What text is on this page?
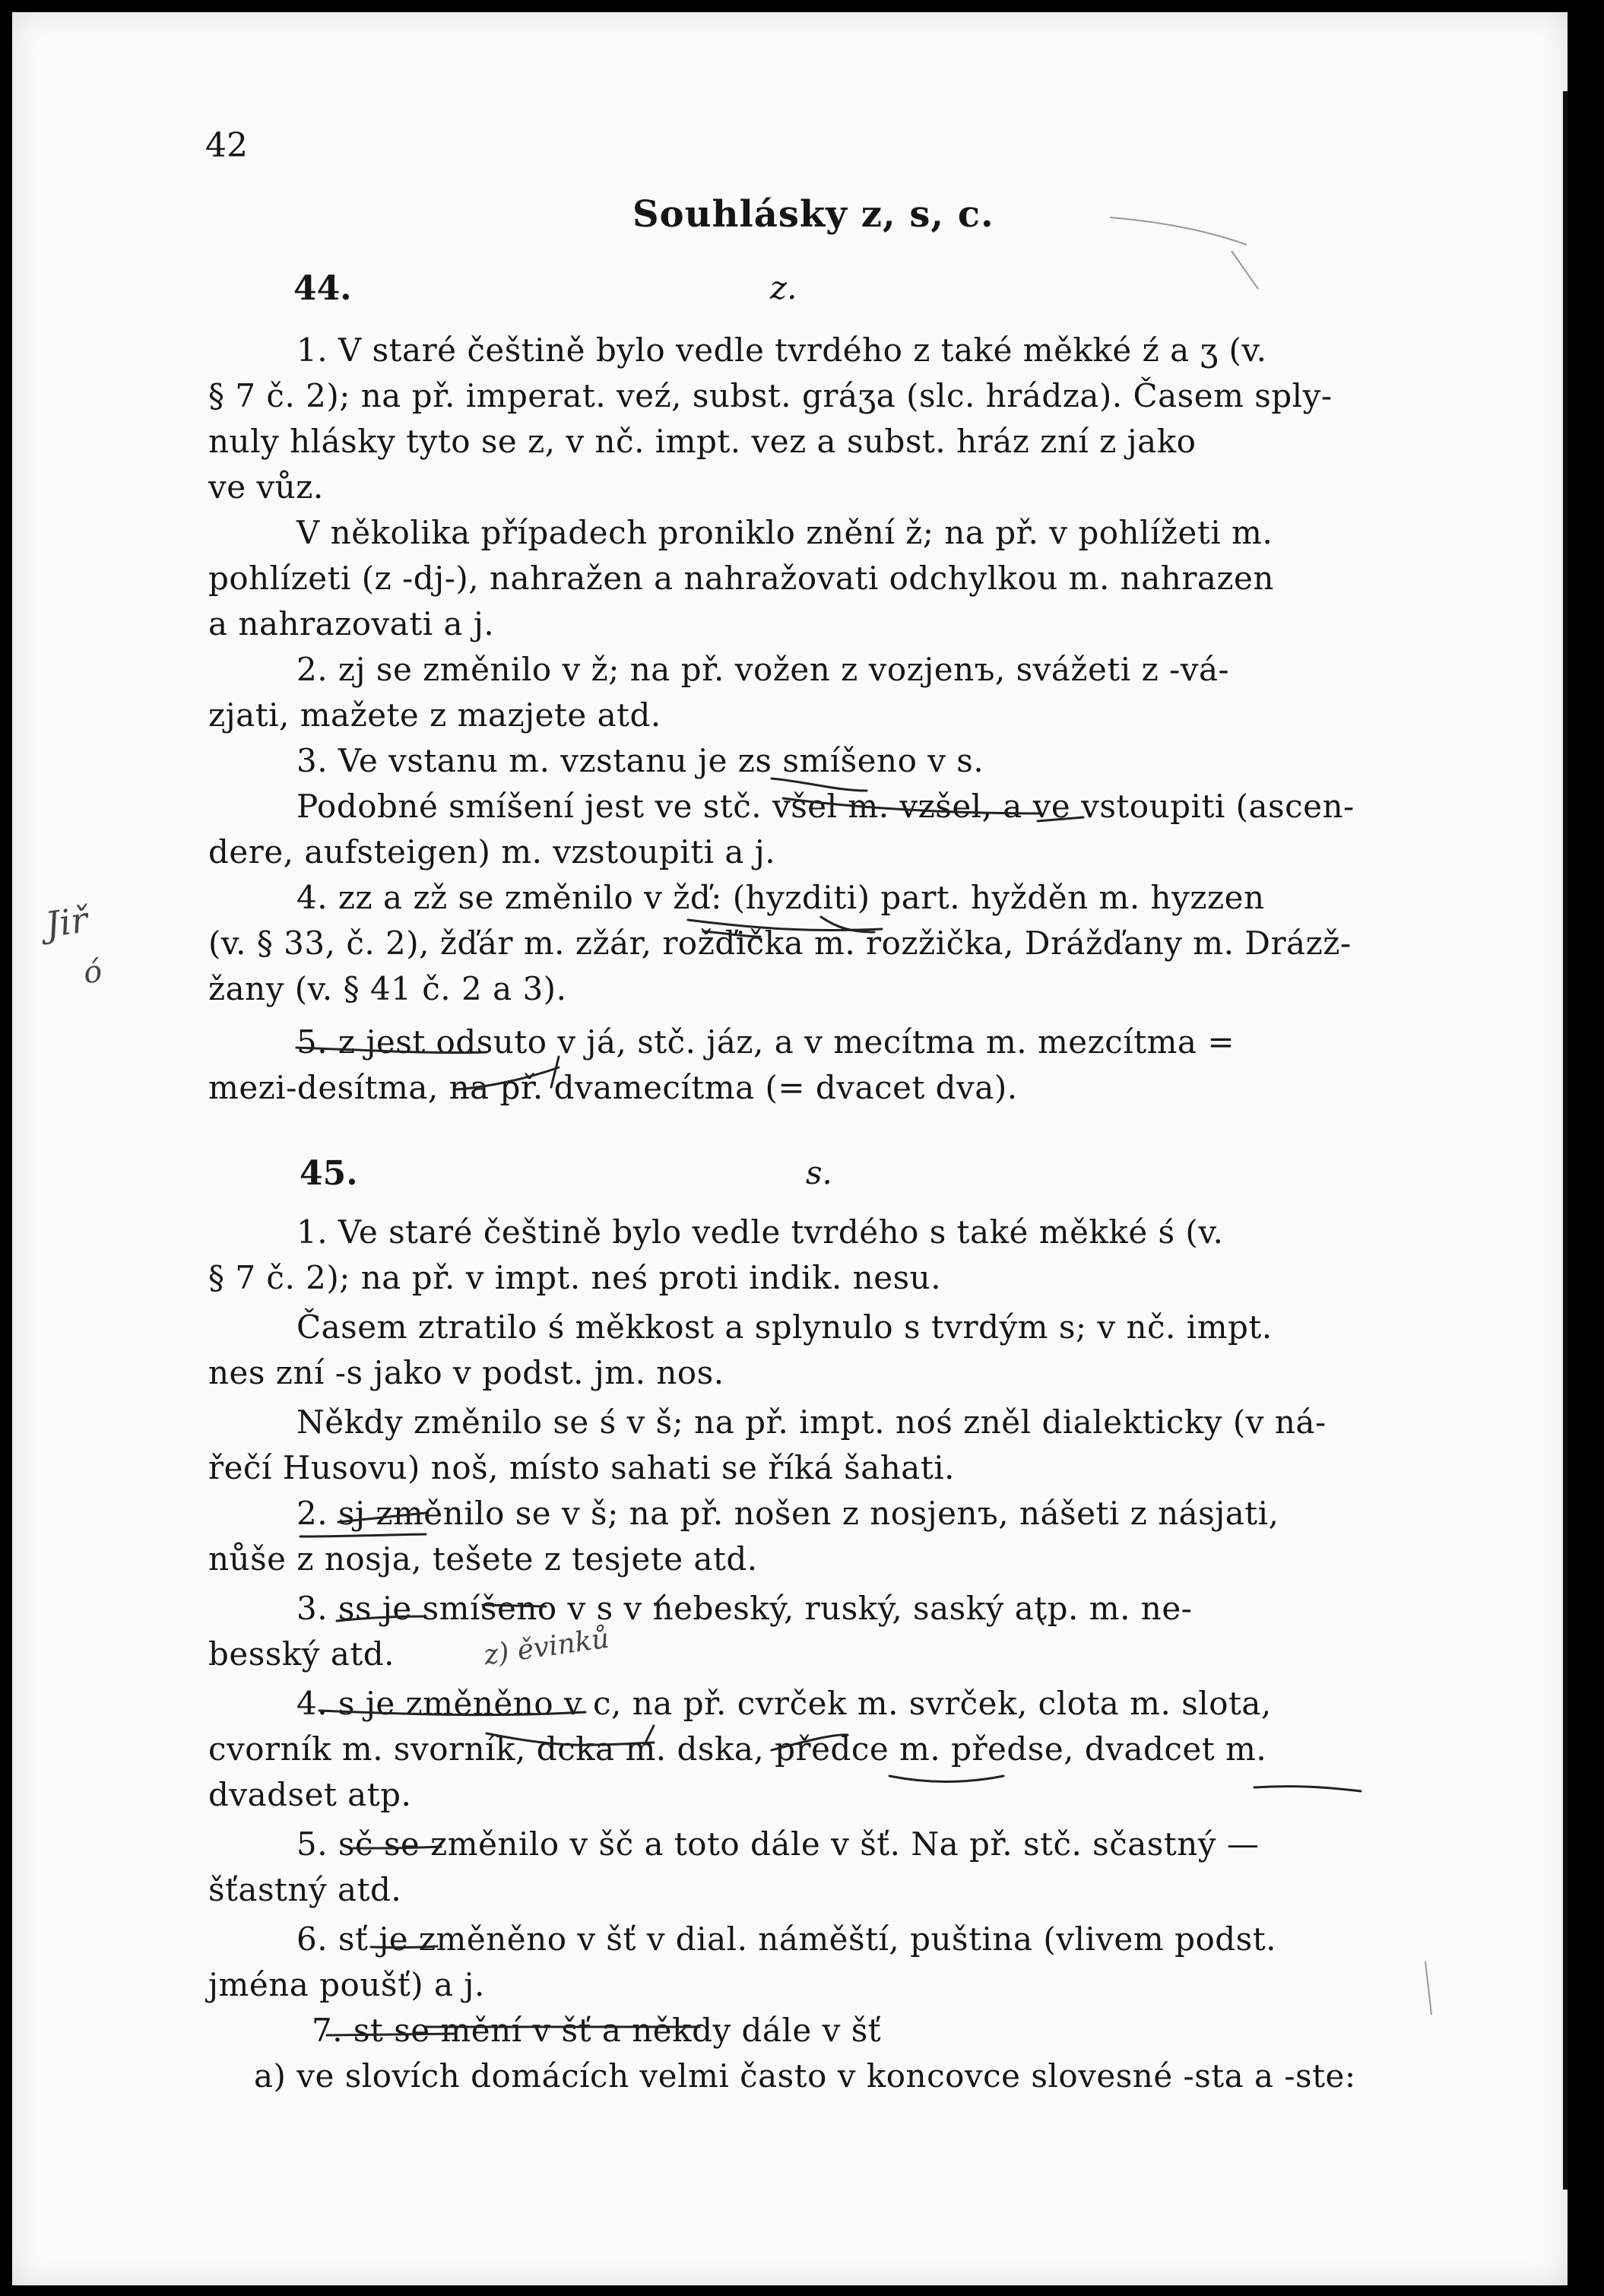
42
Souhlásky z, s, c.
44.	z.
1. V staré češtině bylo vedle tvrdého z také měkké ź a ʒ (v.
§ 7 č. 2); na př. imperat. veź, subst. gráʒa (slc. hrádza). Časem sply-
nuly hlásky tyto se z, v nč. impt. vez a subst. hráz zní z jako
ve vůz.
V několika případech proniklo znění ž; na př. v pohlížeti m.
pohlízeti (z -dj-), nahražen a nahražovati odchylkou m. nahrazen
a nahrazovati a j.
2. zj se změnilo v ž; na př. vožen z vozjenъ, svážeti z -vá-
zjati, mažete z mazjete atd.
3. Ve vstanu m. vzstanu je zs smíšeno v s.
Podobné smíšení jest ve stč. všel m. vzšel, a ve vstoupiti (ascen-
dere, aufsteigen) m. vzstoupiti a j.
4. zz a zž se změnilo v žď: (hyzditi) part. hyžděn m. hyzzen
(v. § 33, č. 2), žďár m. zžár, rožďička m. rozžička, Drážďany m. Drázž-
žany (v. § 41 č. 2 a 3).
5. z jest odsuto v já, stč. jáz, a v mecítma m. mezcítma =
mezi-desítma, na př. dvamecítma (= dvacet dva).
45.	s.
1. Ve staré češtině bylo vedle tvrdého s také měkké ś (v.
§ 7 č. 2); na př. v impt. neś proti indik. nesu.
Časem ztratilo ś měkkost a splynulo s tvrdým s; v nč. impt.
nes zní -s jako v podst. jm. nos.
Někdy změnilo se ś v š; na př. impt. noś zněl dialekticky (v ná-
řečí Husovu) noš, místo sahati se říká šahati.
2. sj změnilo se v š; na př. nošen z nosjenъ, nášeti z násjati,
nůše z nosja, tešete z tesjete atd.
3. ss je smíšeno v s v nebeský, ruský, saský atp. m. ne-
besský atd.
4. s je změněno v c, na př. cvrček m. svrček, clota m. slota,
cvorník m. svorník, dcka m. dska, předce m. předse, dvadcet m.
dvadset atp.
5. sč se změnilo v šč a toto dále v šť. Na př. stč. sčastný —
šťastný atd.
6. sť je změněno v šť v dial. náměští, puština (vlivem podst.
jména poušť) a j.
7. st se mění v šť a někdy dále v šť
a) ve slovích domácích velmi často v koncovce slovesné -sta a -ste:
Jiř
ó
z) ěvinků
